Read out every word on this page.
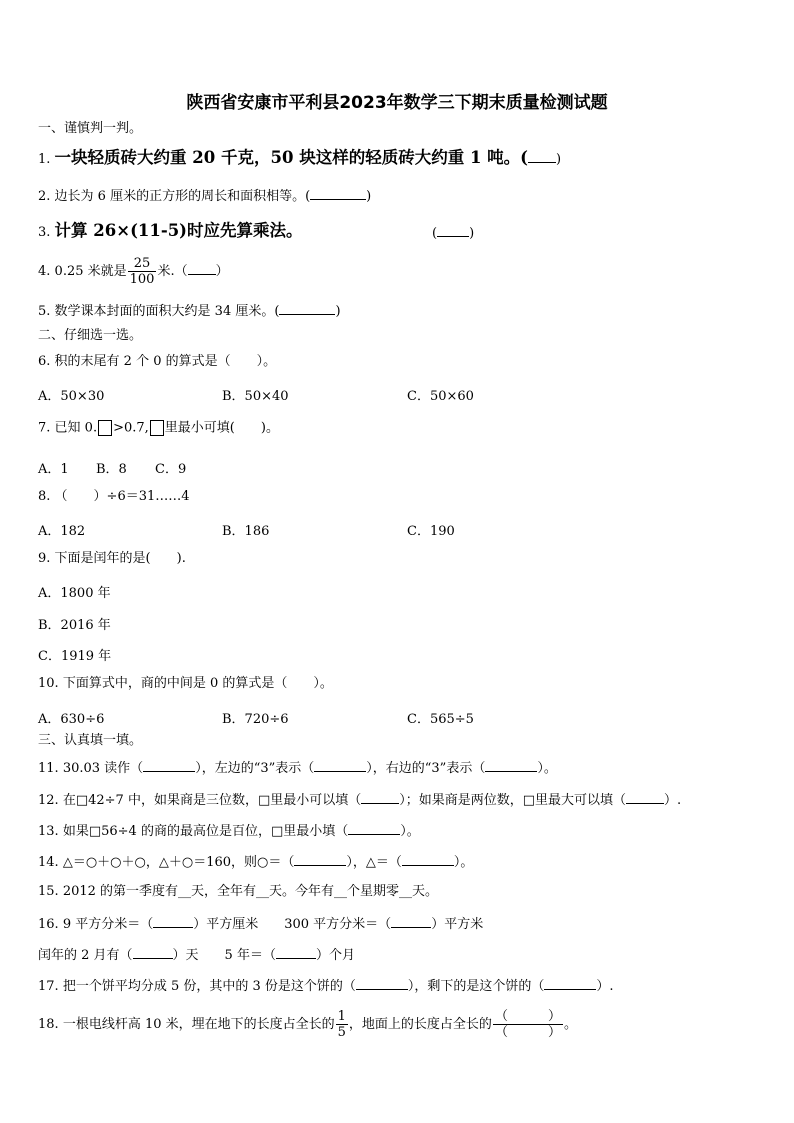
陕西省安康市平利县2023年数学三下期末质量检测试题
一、谨慎判一判。
1. 一块轻质砖大约重 20 千克，50 块这样的轻质砖大约重 1 吨。( )
2. 边长为 6 厘米的正方形的周长和面积相等。(	)
3. 计算 26×(11-5)时应先算乘法。	( )
4. 0.25 米就是 $\frac{25}{100}$ 米.（ ）
5. 数学课本封面的面积大约是 34 厘米。(	)
二、仔细选一选。
6. 积的末尾有 2 个 0 的算式是（　　）。
A．50×30	B．50×40	C．50×60
7. 已知 0. >0.7, 里最小可填(　　)。
A．1 B．8 C．9
8. （　　）÷6＝31……4
A．182	B．186	C．190
9. 下面是闰年的是(　　).
A．1800 年
B．2016 年
C．1919 年
10. 下面算式中，商的中间是 0 的算式是（　　）。
A．630÷6	B．720÷6	C．565÷5
三、认真填一填。
11. 30.03 读作（	），左边的“3”表示（	），右边的“3”表示（	）。
12. 在□42÷7 中，如果商是三位数，□里最小可以填（	）；如果商是两位数，□里最大可以填（	）.
13. 如果□56÷4 的商的最高位是百位，□里最小填（	）。
14. △＝○＋○＋○，△＋○＝160，则○＝（	），△＝（	）。
15. 2012 的第一季度有__天，全年有__天。今年有__个星期零__天。
16. 9 平方分米＝（	）平方厘米　　300 平方分米＝（	）平方米
闰年的 2 月有（	）天　　5 年＝（	）个月
17. 把一个饼平均分成 5 份，其中的 3 份是这个饼的（	），剩下的是这个饼的（	）.
18. 一根电线杆高 10 米，埋在地下的长度占全长的 $\frac{1}{5}$ ，地面上的长度占全长的 （	）
（	） 。
